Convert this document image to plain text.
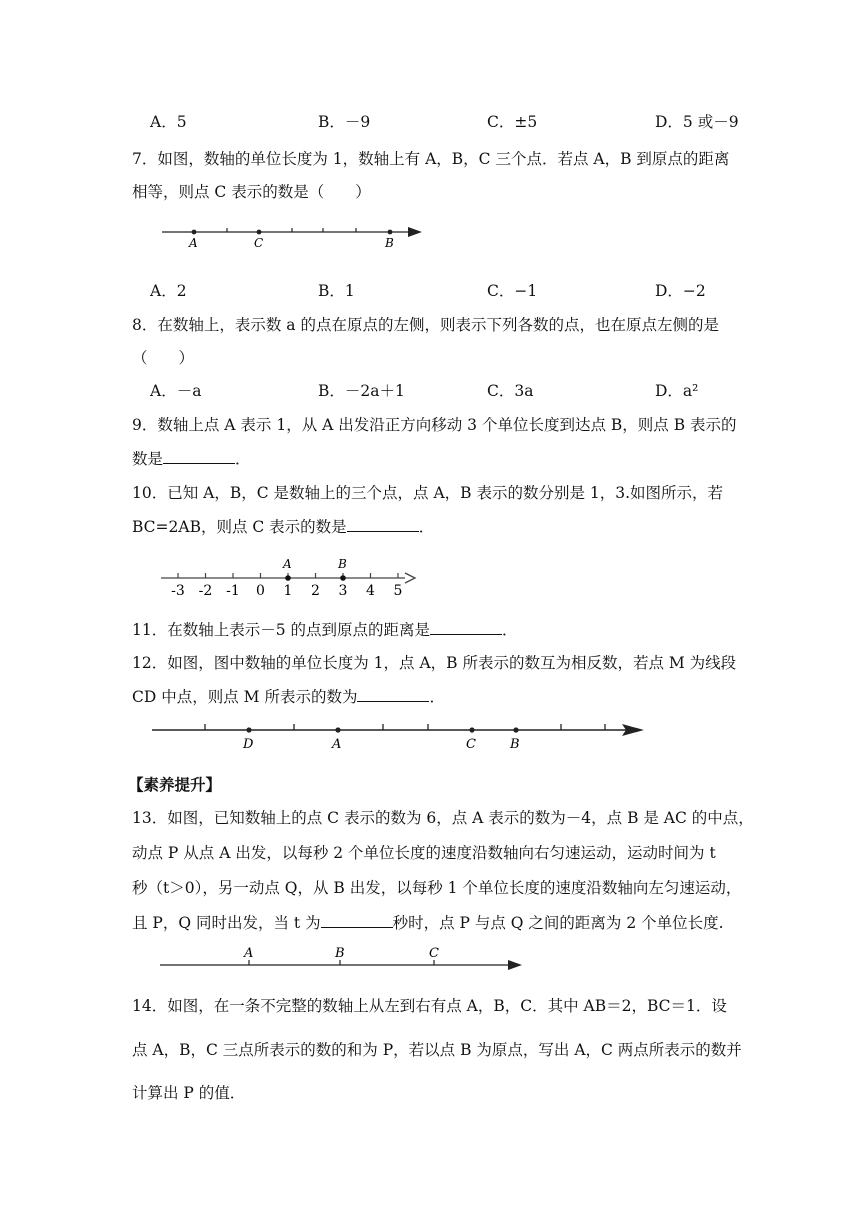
A．5	B．－9	C．±5	D．5 或－9
7．如图，数轴的单位长度为 1，数轴上有 A，B，C 三个点．若点 A，B 到原点的距离
相等，则点 C 表示的数是（　　）
A	C	B
A．2	B．1	C．−1	D．−2
8．在数轴上，表示数 a 的点在原点的左侧，则表示下列各数的点，也在原点左侧的是
（　　）
A．－a	B．－2a＋1	C．3a	D．a²
9．数轴上点 A 表示 1，从 A 出发沿正方向移动 3 个单位长度到达点 B，则点 B 表示的
数是	．
10．已知 A，B，C 是数轴上的三个点，点 A，B 表示的数分别是 1，3.如图所示，若
BC=2AB，则点 C 表示的数是	．
-3 -2 -1 0 1 2 3 4 5
A	B
11．在数轴上表示－5 的点到原点的距离是	．
12．如图，图中数轴的单位长度为 1，点 A，B 所表示的数互为相反数，若点 M 为线段
CD 中点，则点 M 所表示的数为	．
D	A	C	B
【素养提升】
13．如图，已知数轴上的点 C 表示的数为 6，点 A 表示的数为－4，点 B 是 AC 的中点，
动点 P 从点 A 出发，以每秒 2 个单位长度的速度沿数轴向右匀速运动，运动时间为 t
秒（t＞0），另一动点 Q，从 B 出发，以每秒 1 个单位长度的速度沿数轴向左匀速运动，
且 P，Q 同时出发，当 t 为	秒时，点 P 与点 Q 之间的距离为 2 个单位长度.
A	B	C
14．如图，在一条不完整的数轴上从左到右有点 A，B，C．其中 AB＝2，BC＝1．设
点 A，B，C 三点所表示的数的和为 P，若以点 B 为原点，写出 A，C 两点所表示的数并
计算出 P 的值．
